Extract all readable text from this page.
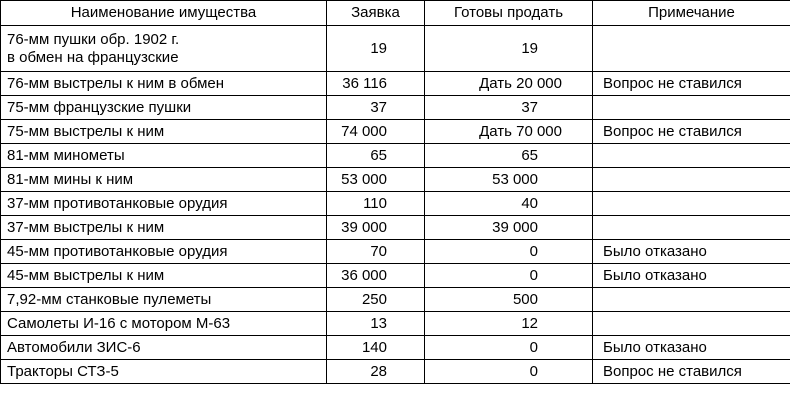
Наименование имущества	Заявка	Готовы продать	Примечание

76-мм пушки обр. 1902 г.
в обмен на французские	19	19	
76-мм выстрелы к ним в обмен	36 116	Дать 20 000	Вопрос не ставился
75-мм французские пушки	37	37	
75-мм выстрелы к ним	74 000	Дать 70 000	Вопрос не ставился
81-мм минометы	65	65	
81-мм мины к ним	53 000	53 000	
37-мм противотанковые орудия	110	40	
37-мм выстрелы к ним	39 000	39 000	
45-мм противотанковые орудия	70	0	Было отказано
45-мм выстрелы к ним	36 000	0	Было отказано
7,92-мм станковые пулеметы	250	500	
Самолеты И-16 с мотором М-63	13	12	
Автомобили ЗИС-6	140	0	Было отказано
Тракторы СТЗ-5	28	0	Вопрос не ставился
